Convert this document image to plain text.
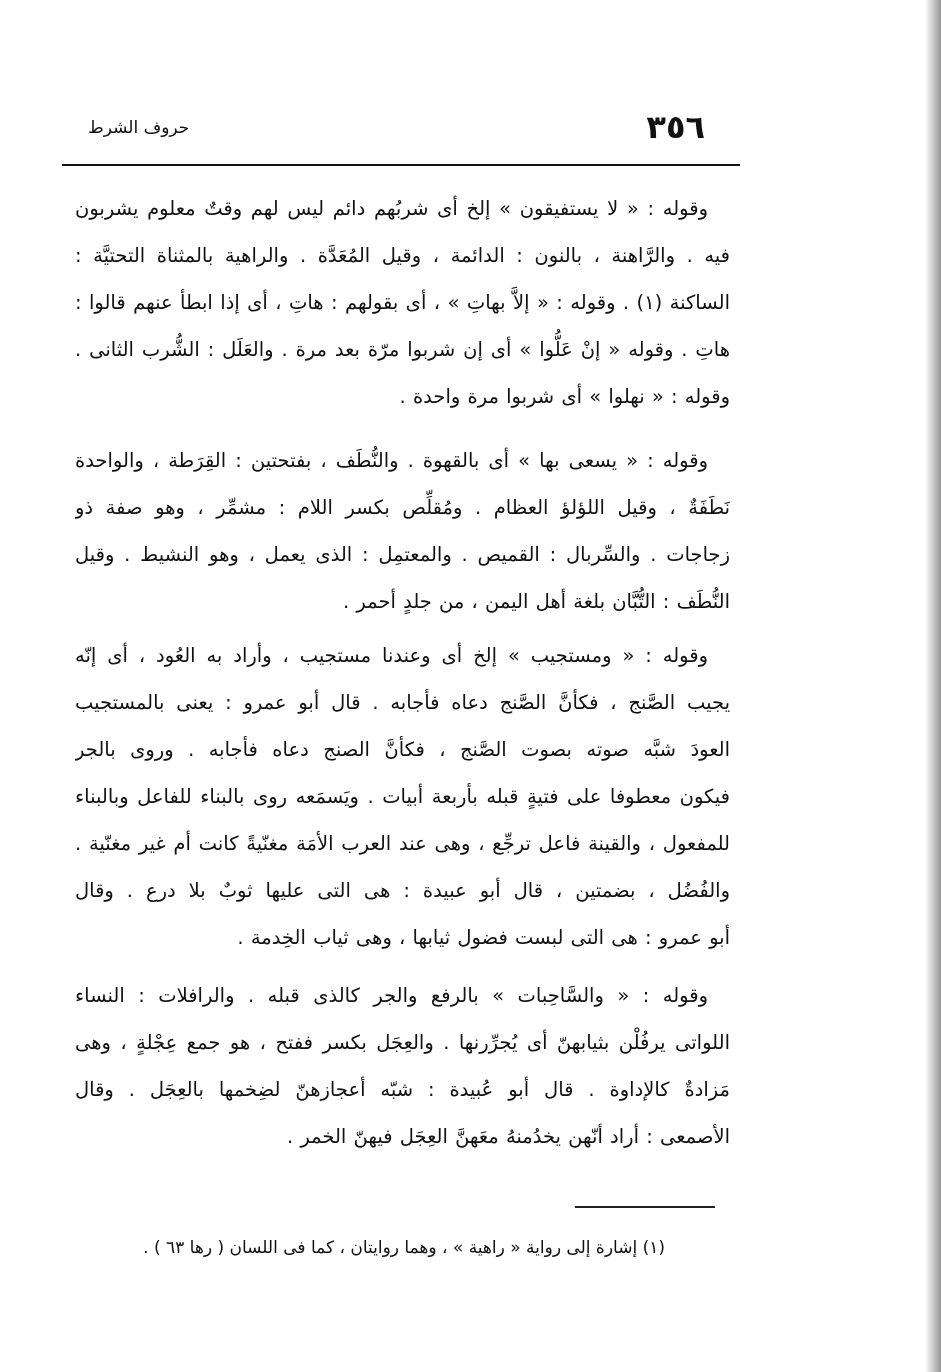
٣٥٦
حروف الشرط
وقوله : « لا يستفيقون » إلخ أى شربُهم دائم ليس لهم وقتٌ معلوم يشربون
فيه . والرَّاهنة ، بالنون : الدائمة ، وقيل المُعَدَّة . والراهية بالمثناة التحتيَّة :
الساكنة (١) . وقوله : « إلاَّ بهاتِ » ، أى بقولهم : هاتِ ، أى إذا ابطأ عنهم قالوا :
هاتِ . وقوله « إنْ عَلُّوا » أى إن شربوا مرّة بعد مرة . والعَلَل : الشُّرب الثانى .
وقوله : « نهلوا » أى شربوا مرة واحدة .
وقوله : « يسعى بها » أى بالقهوة . والنُّطَف ، بفتحتين : القِرَطة ، والواحدة
نَطَفَةٌ ، وقيل اللؤلؤ العظام . ومُقلِّص بكسر اللام : مشمِّر ، وهو صفة ذو
زجاجات . والسِّربال : القميص . والمعتمِل : الذى يعمل ، وهو النشيط . وقيل
النُّطَف : التُّبَّان بلغة أهل اليمن ، من جلدٍ أحمر .
وقوله : « ومستجيب » إلخ أى وعندنا مستجيب ، وأراد به العُود ، أى إنّه
يجيب الصَّنج ، فكأنَّ الصَّنج دعاه فأجابه . قال أبو عمرو : يعنى بالمستجيب
العودَ شبَّه صوته بصوت الصَّنج ، فكأنَّ الصنج دعاه فأجابه . وروى بالجر
فيكون معطوفا على فتيةٍ قبله بأربعة أبيات . ويَسمَعه روى بالبناء للفاعل وبالبناء
للمفعول ، والقينة فاعل ترجِّع ، وهى عند العرب الأمَة مغنّيةً كانت أم غير مغنّية .
والفُضُل ، بضمتين ، قال أبو عبيدة : هى التى عليها ثوبٌ بلا درع . وقال
أبو عمرو : هى التى لبست فضول ثيابها ، وهى ثياب الخِدمة .
وقوله : « والسَّاحِبات » بالرفع والجر كالذى قبله . والرافلات : النساء
اللواتى يرفُلْن بثيابهنّ أى يُجرِّرنها . والعِجَل بكسر ففتح ، هو جمع عِجْلةٍ ، وهى
مَزادةٌ كالإداوة . قال أبو عُبيدة : شبّه أعجازهنّ لضِخمها بالعِجَل . وقال
الأصمعى : أراد أنّهن يخدُمنهُ معَهنَّ العِجَل فيهنّ الخمر .
(١) إشارة إلى رواية « راهية » ، وهما روايتان ، كما فى اللسان ( رها ٦٣ ) .
